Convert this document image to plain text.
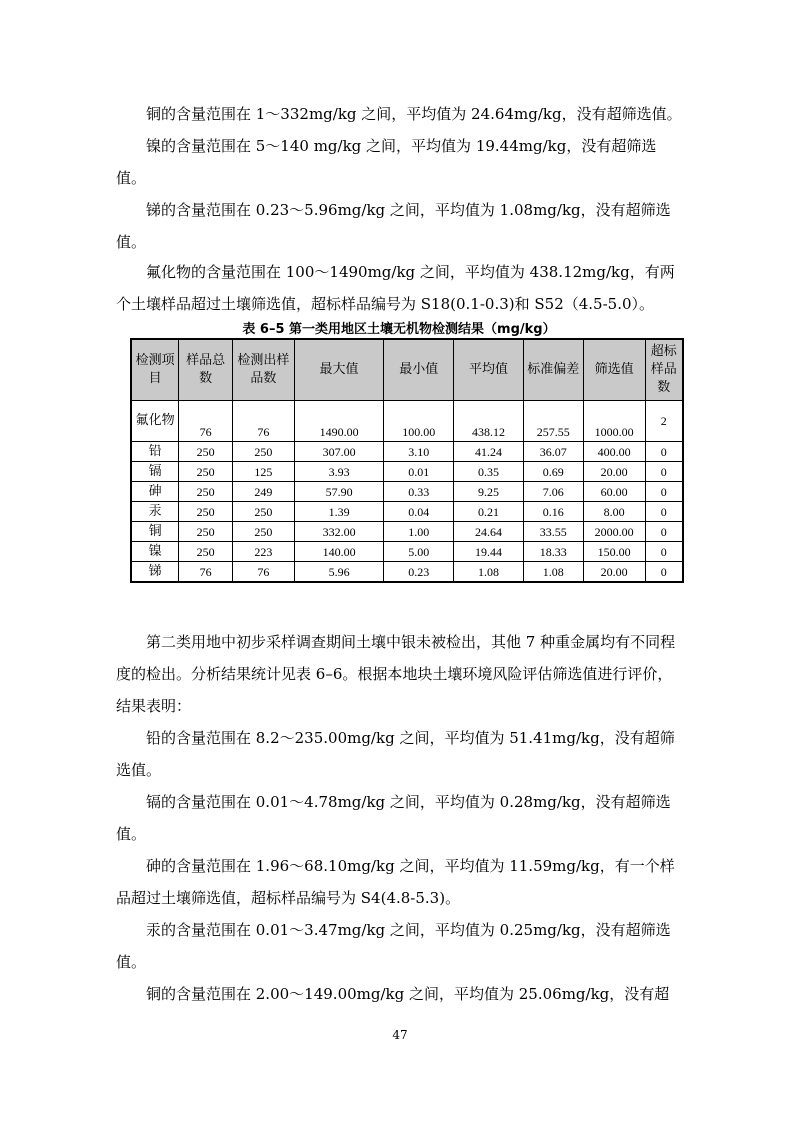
铜的含量范围在 1～332mg/kg 之间，平均值为 24.64mg/kg，没有超筛选值。

镍的含量范围在 5～140 mg/kg 之间，平均值为 19.44mg/kg，没有超筛选值。

锑的含量范围在 0.23～5.96mg/kg 之间，平均值为 1.08mg/kg，没有超筛选值。

氟化物的含量范围在 100～1490mg/kg 之间，平均值为 438.12mg/kg，有两个土壤样品超过土壤筛选值，超标样品编号为 S18(0.1-0.3)和 S52（4.5-5.0）。

表 6–5 第一类用地区土壤无机物检测结果（mg/kg）
检测项目	样品总数	检测出样品数	最大值	最小值	平均值	标准偏差	筛选值	超标样品数
氟化物	76	76	1490.00	100.00	438.12	257.55	1000.00	2
铅	250	250	307.00	3.10	41.24	36.07	400.00	0
镉	250	125	3.93	0.01	0.35	0.69	20.00	0
砷	250	249	57.90	0.33	9.25	7.06	60.00	0
汞	250	250	1.39	0.04	0.21	0.16	8.00	0
铜	250	250	332.00	1.00	24.64	33.55	2000.00	0
镍	250	223	140.00	5.00	19.44	18.33	150.00	0
锑	76	76	5.96	0.23	1.08	1.08	20.00	0

第二类用地中初步采样调查期间土壤中银未被检出，其他 7 种重金属均有不同程度的检出。分析结果统计见表 6–6。根据本地块土壤环境风险评估筛选值进行评价，结果表明：

铅的含量范围在 8.2～235.00mg/kg 之间，平均值为 51.41mg/kg，没有超筛选值。

镉的含量范围在 0.01～4.78mg/kg 之间，平均值为 0.28mg/kg，没有超筛选值。

砷的含量范围在 1.96～68.10mg/kg 之间，平均值为 11.59mg/kg，有一个样品超过土壤筛选值，超标样品编号为 S4(4.8-5.3)。

汞的含量范围在 0.01～3.47mg/kg 之间，平均值为 0.25mg/kg，没有超筛选值。

铜的含量范围在 2.00～149.00mg/kg 之间，平均值为 25.06mg/kg，没有超

47
